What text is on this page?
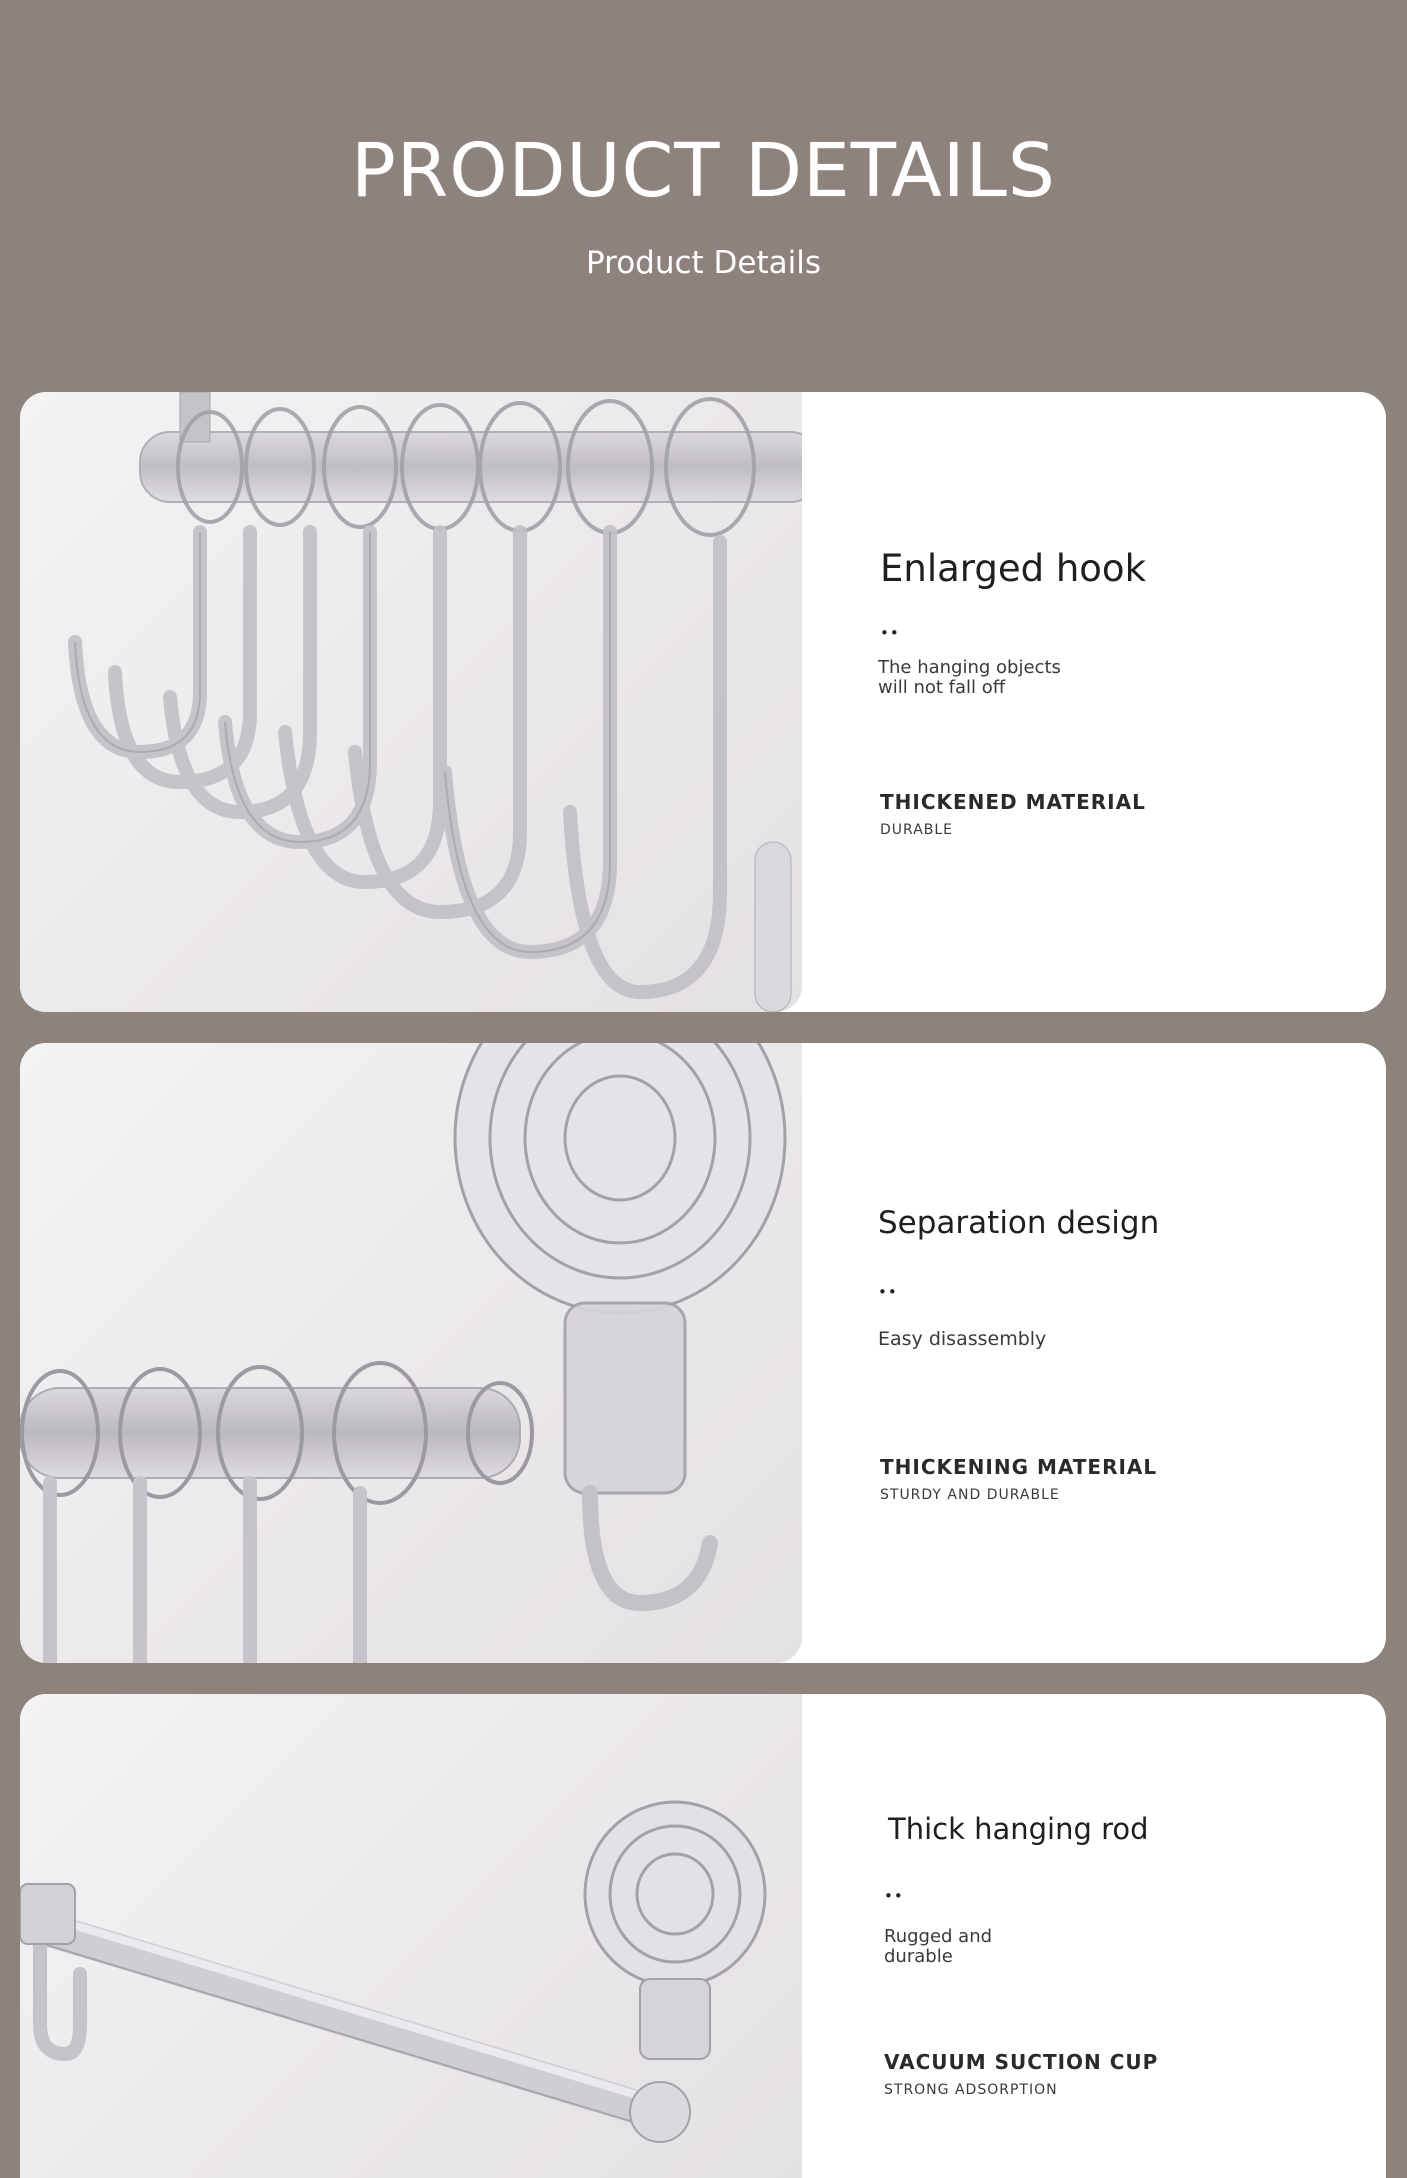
PRODUCT DETAILS
Product Details
Enlarged hook
••
The hanging objects
will not fall off
THICKENED MATERIAL
DURABLE
Separation design
••
Easy disassembly
THICKENING MATERIAL
STURDY AND DURABLE
Thick hanging rod
••
Rugged and
durable
VACUUM SUCTION CUP
STRONG ADSORPTION
